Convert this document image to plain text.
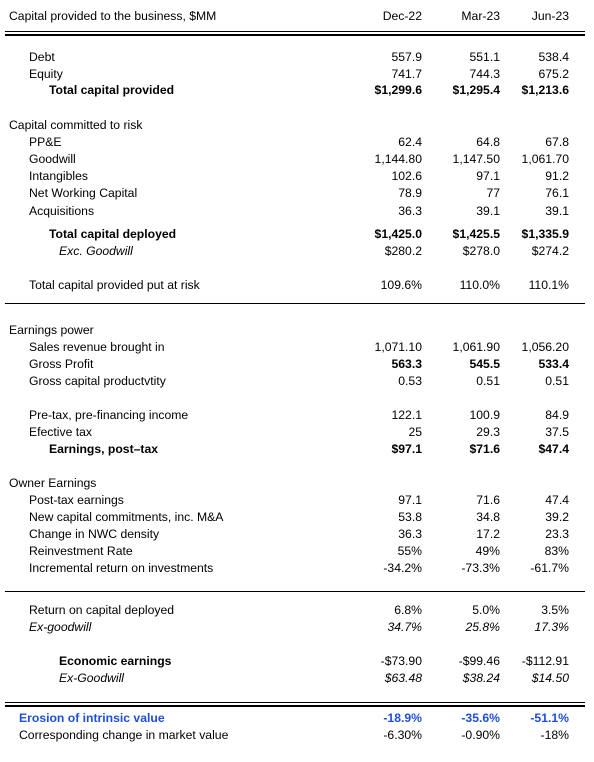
Capital provided to the business, $MM	Dec-22	Mar-23	Jun-23
Debt	557.9	551.1	538.4
Equity	741.7	744.3	675.2
Total capital provided	$1,299.6	$1,295.4	$1,213.6
Capital committed to risk
PP&E	62.4	64.8	67.8
Goodwill	1,144.80	1,147.50	1,061.70
Intangibles	102.6	97.1	91.2
Net Working Capital	78.9	77	76.1
Acquisitions	36.3	39.1	39.1
Total capital deployed	$1,425.0	$1,425.5	$1,335.9
Exc. Goodwill	$280.2	$278.0	$274.2
Total capital provided put at risk	109.6%	110.0%	110.1%
Earnings power
Sales revenue brought in	1,071.10	1,061.90	1,056.20
Gross Profit	563.3	545.5	533.4
Gross capital productvtity	0.53	0.51	0.51
Pre-tax, pre-financing income	122.1	100.9	84.9
Efective tax	25	29.3	37.5
Earnings, post–tax	$97.1	$71.6	$47.4
Owner Earnings
Post-tax earnings	97.1	71.6	47.4
New capital commitments, inc. M&A	53.8	34.8	39.2
Change in NWC density	36.3	17.2	23.3
Reinvestment Rate	55%	49%	83%
Incremental return on investments	-34.2%	-73.3%	-61.7%
Return on capital deployed	6.8%	5.0%	3.5%
Ex-goodwill	34.7%	25.8%	17.3%
Economic earnings	-$73.90	-$99.46	-$112.91
Ex-Goodwill	$63.48	$38.24	$14.50
Erosion of intrinsic value	-18.9%	-35.6%	-51.1%
Corresponding change in market value	-6.30%	-0.90%	-18%
